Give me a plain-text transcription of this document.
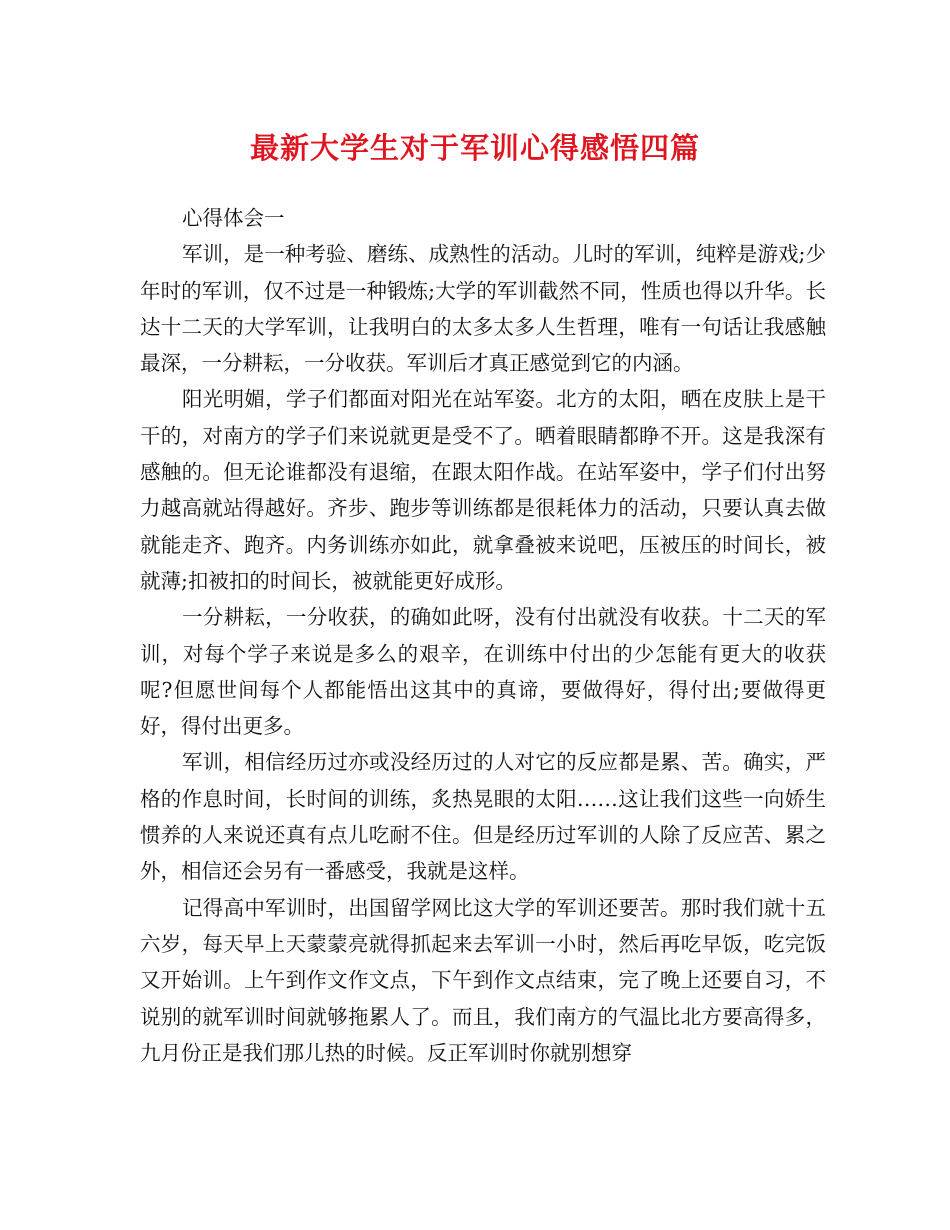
最新大学生对于军训心得感悟四篇

心得体会一

军训，是一种考验、磨练、成熟性的活动。儿时的军训，纯粹是游戏;少年时的军训，仅不过是一种锻炼;大学的军训截然不同，性质也得以升华。长达十二天的大学军训，让我明白的太多太多人生哲理，唯有一句话让我感触最深，一分耕耘，一分收获。军训后才真正感觉到它的内涵。

阳光明媚，学子们都面对阳光在站军姿。北方的太阳，晒在皮肤上是干干的，对南方的学子们来说就更是受不了。晒着眼睛都睁不开。这是我深有感触的。但无论谁都没有退缩，在跟太阳作战。在站军姿中，学子们付出努力越高就站得越好。齐步、跑步等训练都是很耗体力的活动，只要认真去做就能走齐、跑齐。内务训练亦如此，就拿叠被来说吧，压被压的时间长，被就薄;扣被扣的时间长，被就能更好成形。

一分耕耘，一分收获，的确如此呀，没有付出就没有收获。十二天的军训，对每个学子来说是多么的艰辛，在训练中付出的少怎能有更大的收获呢?但愿世间每个人都能悟出这其中的真谛，要做得好，得付出;要做得更好，得付出更多。

军训，相信经历过亦或没经历过的人对它的反应都是累、苦。确实，严格的作息时间，长时间的训练，炙热晃眼的太阳……这让我们这些一向娇生惯养的人来说还真有点儿吃耐不住。但是经历过军训的人除了反应苦、累之外，相信还会另有一番感受，我就是这样。

记得高中军训时，出国留学网比这大学的军训还要苦。那时我们就十五六岁，每天早上天蒙蒙亮就得抓起来去军训一小时，然后再吃早饭，吃完饭又开始训。上午到作文作文点，下午到作文点结束，完了晚上还要自习，不说别的就军训时间就够拖累人了。而且，我们南方的气温比北方要高得多，九月份正是我们那儿热的时候。反正军训时你就别想穿
